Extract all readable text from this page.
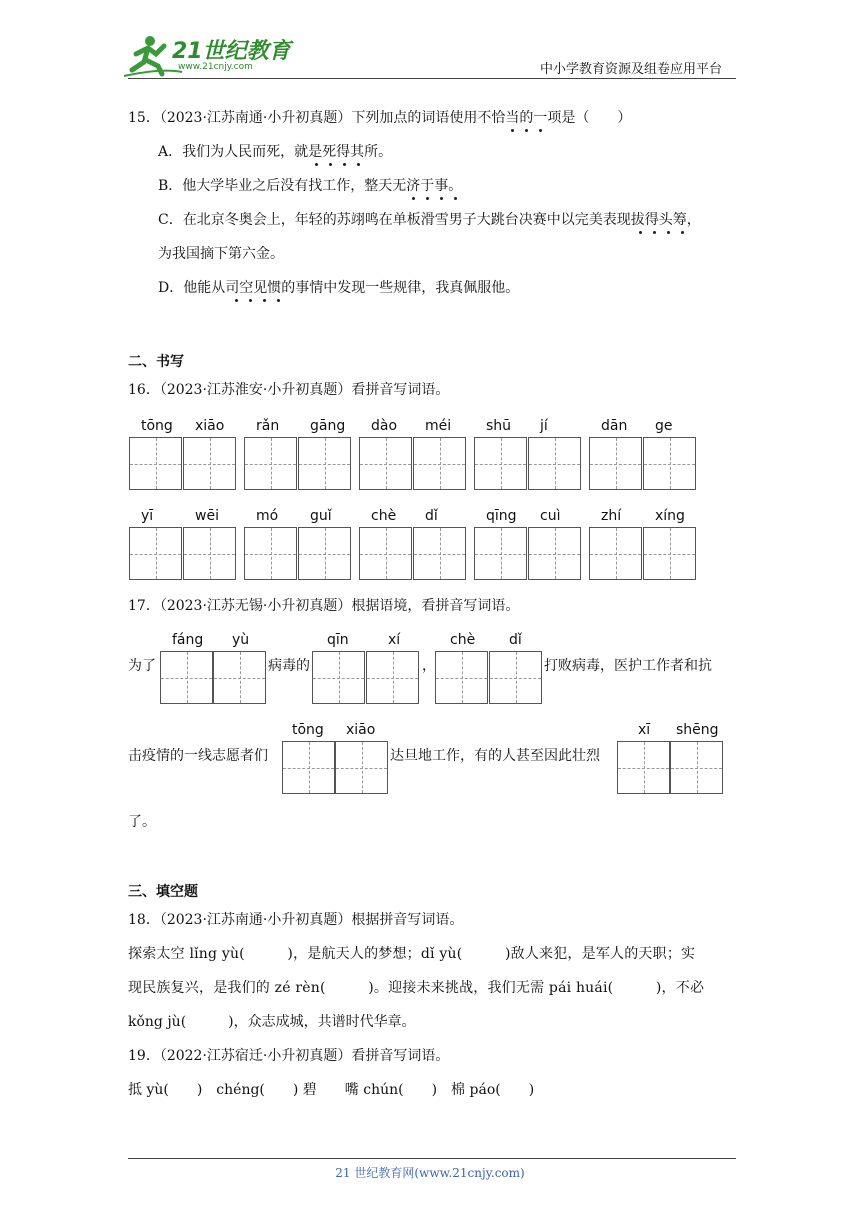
21世纪教育
www.21cnjy.com	中小学教育资源及组卷应用平台
15．（2023·江苏南通·小升初真题）下列加点的词语使用不恰当的一项是（　　）
A．我们为人民而死，就是死得其所。
B．他大学毕业之后没有找工作，整天无济于事。
C．在北京冬奥会上，年轻的苏翊鸣在单板滑雪男子大跳台决赛中以完美表现拔得头筹，
为我国摘下第六金。
D．他能从司空见惯的事情中发现一些规律，我真佩服他。
二、书写
16．（2023·江苏淮安·小升初真题）看拼音写词语。
tōng xiāo rǎn gāng dào méi shū jí	dān ge
yī	wēi	mó guǐ	chè dǐ	qīng cuì	zhí xíng
17．（2023·江苏无锡·小升初真题）根据语境，看拼音写词语。
fáng yù	qīn	xí	chè dǐ
为了	病毒的	，	打败病毒，医护工作者和抗
tōng xiāo	xī shēng
击疫情的一线志愿者们	达旦地工作，有的人甚至因此壮烈
了。
三、填空题
18．（2023·江苏南通·小升初真题）根据拼音写词语。
探索太空 lǐng yù(　　　)，是航天人的梦想；dǐ yù(　　　)敌人来犯，是军人的天职；实
现民族复兴，是我们的 zé rèn(　　　)。迎接未来挑战，我们无需 pái huái(　　　)，不必
kǒng jù(　　　)，众志成城，共谱时代华章。
19．（2022·江苏宿迁·小升初真题）看拼音写词语。
抵 yù(　　)　chéng(　　) 碧　　嘴 chún(　　)　棉 páo(　　)
21 世纪教育网(www.21cnjy.com)
